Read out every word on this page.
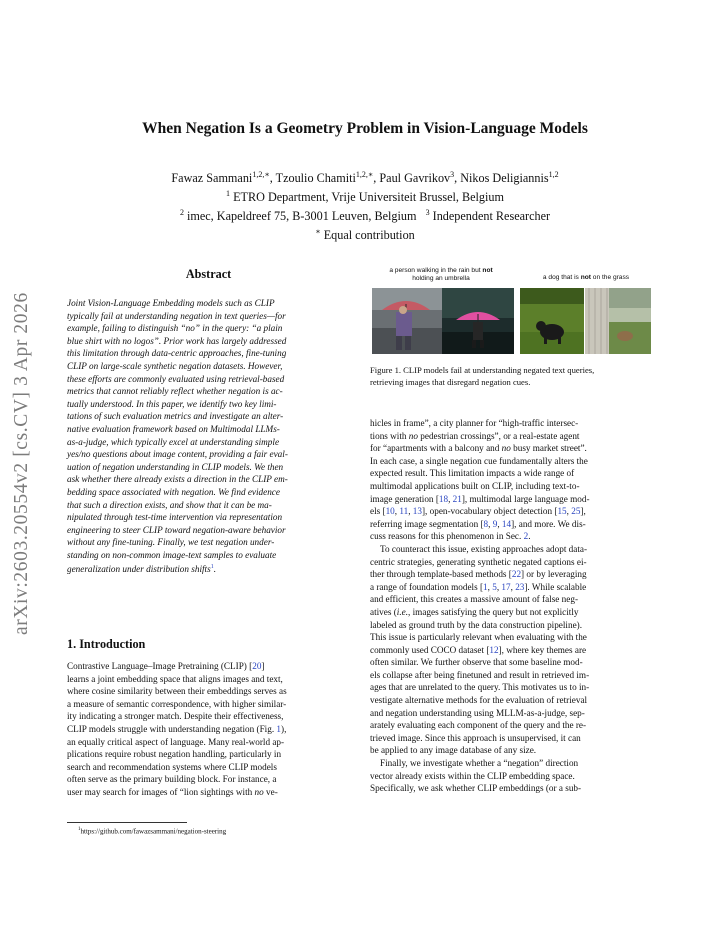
arXiv:2603.20554v2 [cs.CV] 3 Apr 2026
When Negation Is a Geometry Problem in Vision-Language Models
Fawaz Sammani$^{1,2,∗}$, Tzoulio Chamiti$^{1,2,∗}$, Paul Gavrikov$^3$, Nikos Deligiannis$^{1,2}$
$^1$ ETRO Department, Vrije Universiteit Brussel, Belgium
$^2$ imec, Kapeldreef 75, B-3001 Leuven, Belgium $^3$ Independent Researcher
∗ Equal contribution
Abstract
Joint Vision-Language Embedding models such as CLIP
typically fail at understanding negation in text queries—for
example, failing to distinguish “no” in the query: “a plain
blue shirt with no logos”. Prior work has largely addressed
this limitation through data-centric approaches, fine-tuning
CLIP on large-scale synthetic negation datasets. However,
these efforts are commonly evaluated using retrieval-based
metrics that cannot reliably reflect whether negation is ac-
tually understood. In this paper, we identify two key limi-
tations of such evaluation metrics and investigate an alter-
native evaluation framework based on Multimodal LLMs-
as-a-judge, which typically excel at understanding simple
yes/no questions about image content, providing a fair eval-
uation of negation understanding in CLIP models. We then
ask whether there already exists a direction in the CLIP em-
bedding space associated with negation. We find evidence
that such a direction exists, and show that it can be ma-
nipulated through test-time intervention via representation
engineering to steer CLIP toward negation-aware behavior
without any fine-tuning. Finally, we test negation under-
standing on non-common image-text samples to evaluate
generalization under distribution shifts$^1$.
1. Introduction
Contrastive Language–Image Pretraining (CLIP) [20]
learns a joint embedding space that aligns images and text,
where cosine similarity between their embeddings serves as
a measure of semantic correspondence, with higher similar-
ity indicating a stronger match. Despite their effectiveness,
CLIP models struggle with understanding negation (Fig. 1),
an equally critical aspect of language. Many real-world ap-
plications require robust negation handling, particularly in
search and recommendation systems where CLIP models
often serve as the primary building block. For instance, a
user may search for images of “lion sightings with no ve-
$^1$https://github.com/fawazsammani/negation-steering
a person walking in the rain but not
holding an umbrella	a dog that is not on the grass
Figure 1. CLIP models fail at understanding negated text queries,
retrieving images that disregard negation cues.
hicles in frame”, a city planner for “high-traffic intersec-
tions with no pedestrian crossings”, or a real-estate agent
for “apartments with a balcony and no busy market street”.
In each case, a single negation cue fundamentally alters the
expected result. This limitation impacts a wide range of
multimodal applications built on CLIP, including text-to-
image generation [18, 21], multimodal large language mod-
els [10, 11, 13], open-vocabulary object detection [15, 25],
referring image segmentation [8, 9, 14], and more. We dis-
cuss reasons for this phenomenon in Sec. 2.
To counteract this issue, existing approaches adopt data-
centric strategies, generating synthetic negated captions ei-
ther through template-based methods [22] or by leveraging
a range of foundation models [1, 5, 17, 23]. While scalable
and efficient, this creates a massive amount of false neg-
atives (i.e., images satisfying the query but not explicitly
labeled as ground truth by the data construction pipeline).
This issue is particularly relevant when evaluating with the
commonly used COCO dataset [12], where key themes are
often similar. We further observe that some baseline mod-
els collapse after being finetuned and result in retrieved im-
ages that are unrelated to the query. This motivates us to in-
vestigate alternative methods for the evaluation of retrieval
and negation understanding using MLLM-as-a-judge, sep-
arately evaluating each component of the query and the re-
trieved image. Since this approach is unsupervised, it can
be applied to any image database of any size.
Finally, we investigate whether a “negation” direction
vector already exists within the CLIP embedding space.
Specifically, we ask whether CLIP embeddings (or a sub-
